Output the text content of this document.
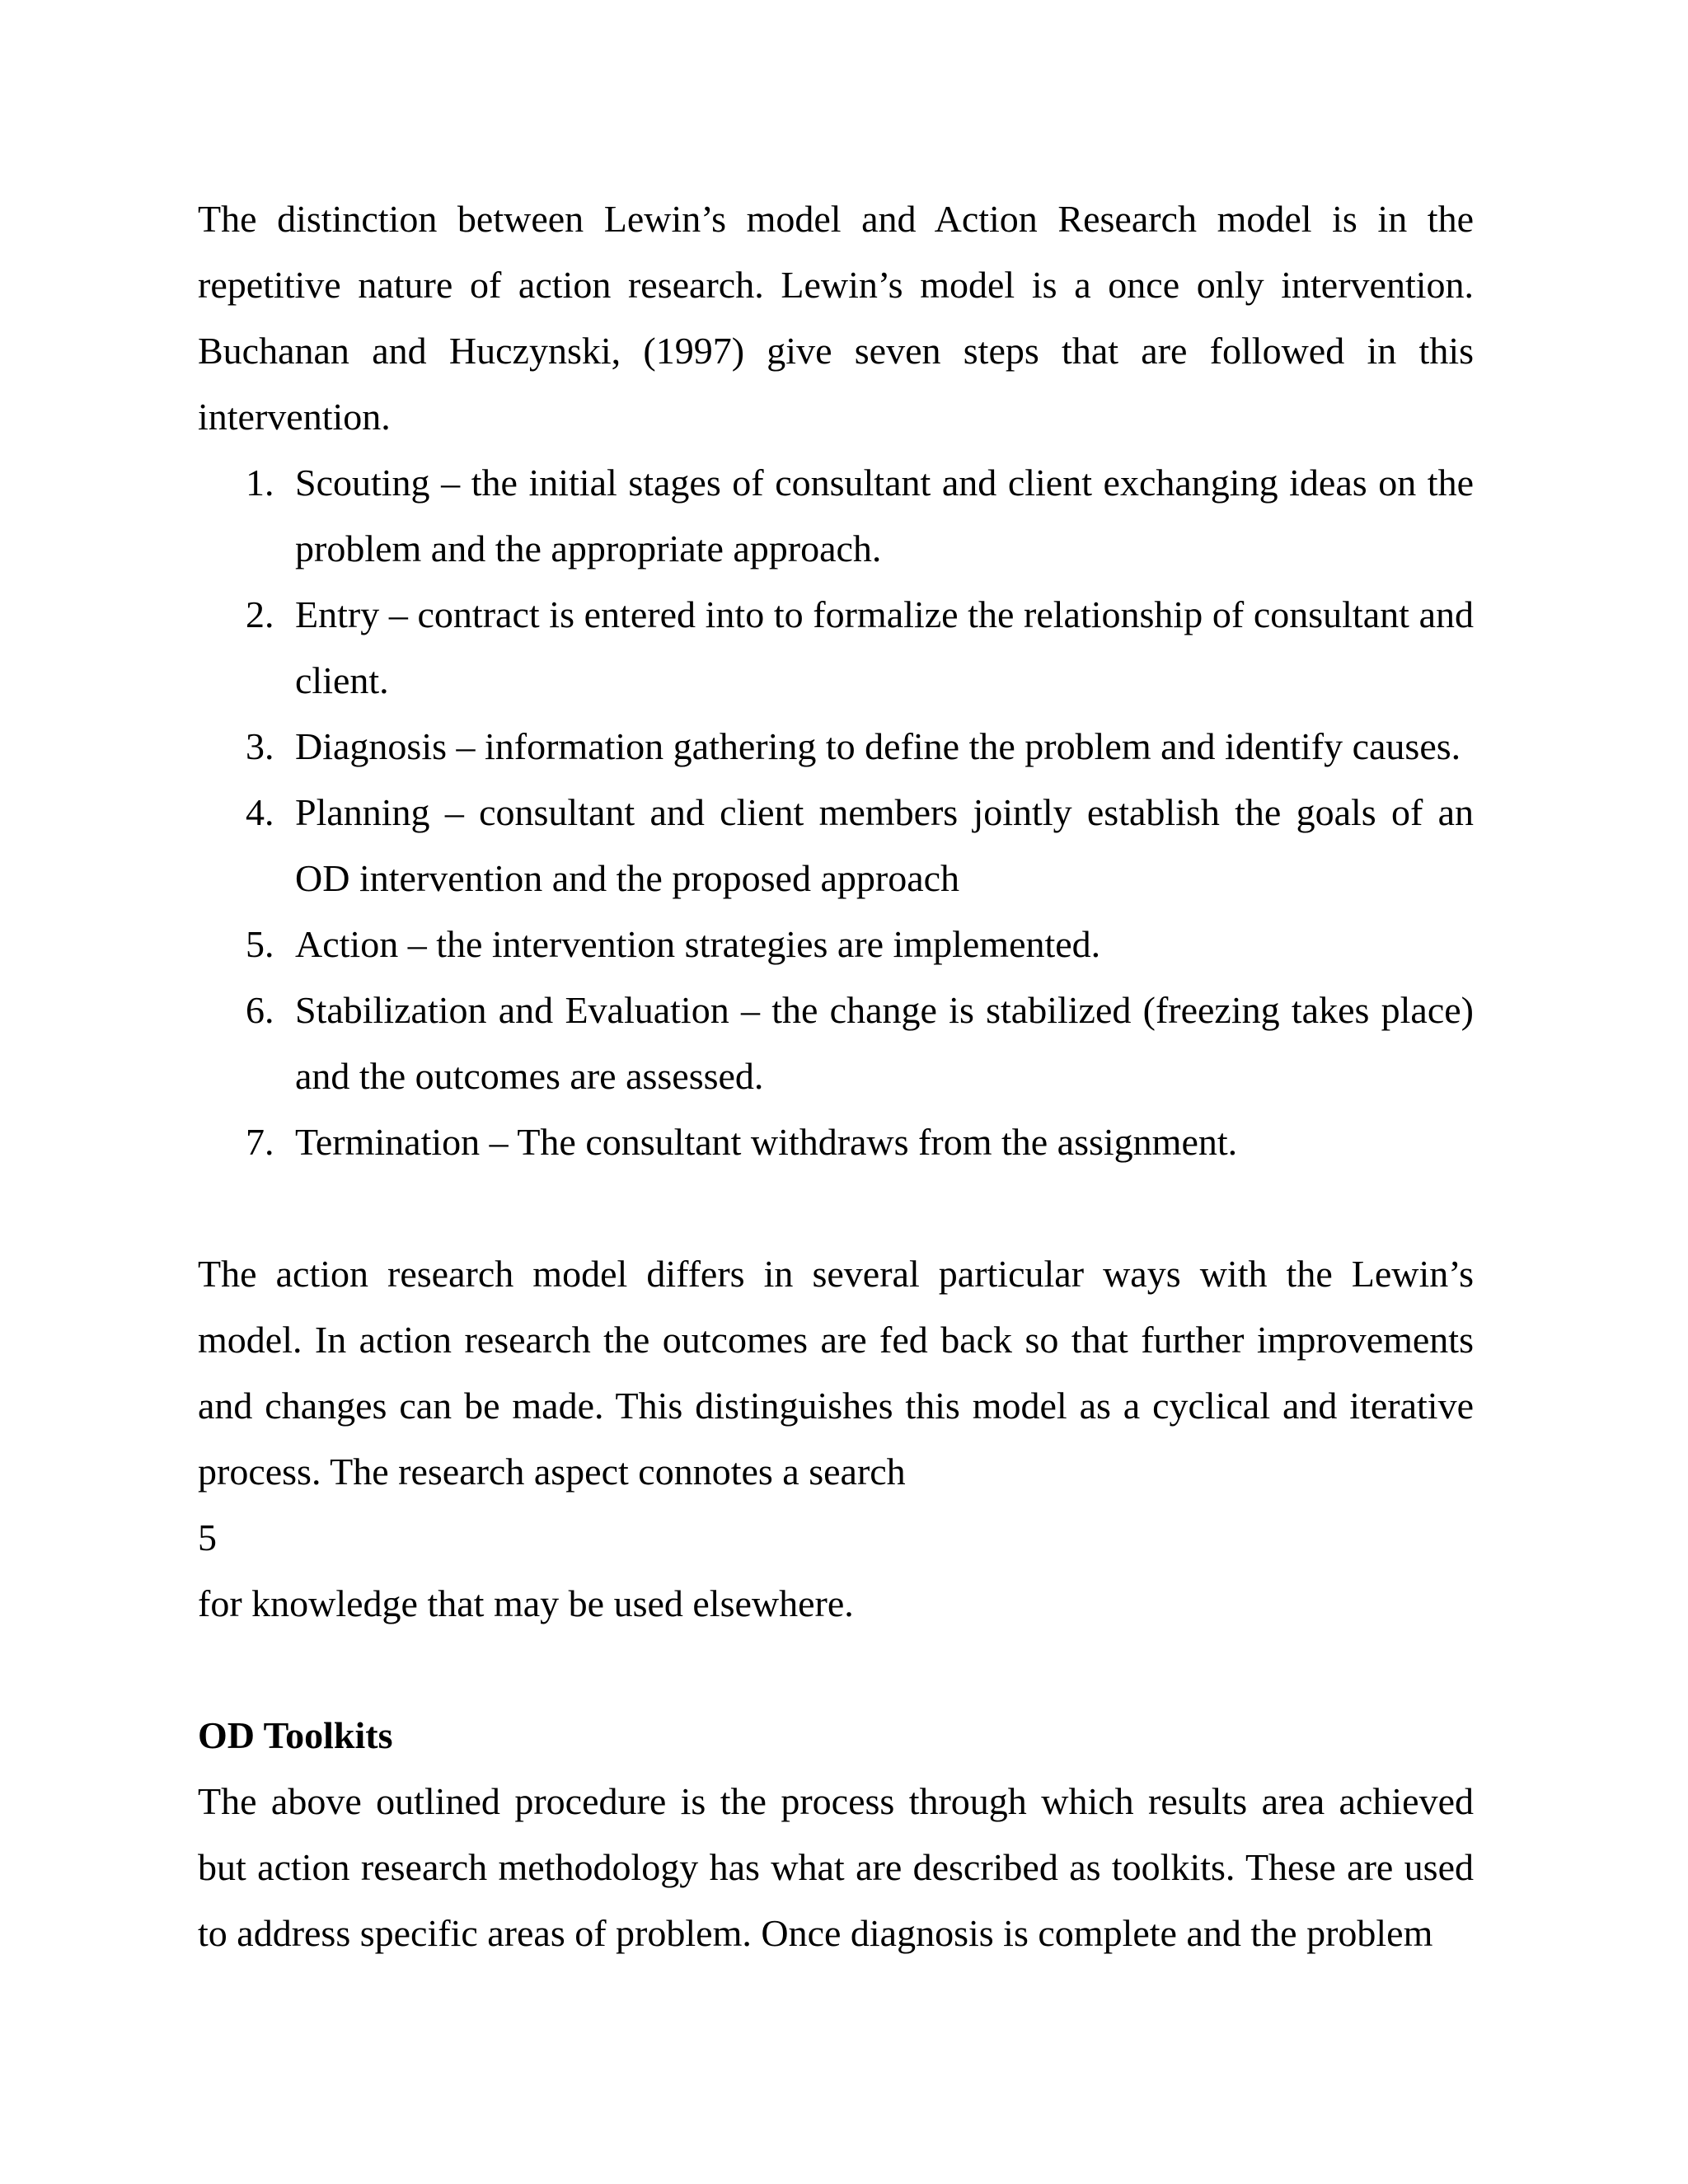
The distinction between Lewin’s model and Action Research model is in the repetitive nature of action research. Lewin’s model is a once only intervention. Buchanan and Huczynski, (1997) give seven steps that are followed in this intervention.

1. Scouting – the initial stages of consultant and client exchanging ideas on the problem and the appropriate approach.
2. Entry – contract is entered into to formalize the relationship of consultant and client.
3. Diagnosis – information gathering to define the problem and identify causes.
4. Planning – consultant and client members jointly establish the goals of an OD intervention and the proposed approach
5. Action – the intervention strategies are implemented.
6. Stabilization and Evaluation – the change is stabilized (freezing takes place) and the outcomes are assessed.
7. Termination – The consultant withdraws from the assignment.

The action research model differs in several particular ways with the Lewin’s model. In action research the outcomes are fed back so that further improvements and changes can be made. This distinguishes this model as a cyclical and iterative process. The research aspect connotes a search

5

for knowledge that may be used elsewhere.

OD Toolkits

The above outlined procedure is the process through which results area achieved but action research methodology has what are described as toolkits. These are used to address specific areas of problem. Once diagnosis is complete and the problem
